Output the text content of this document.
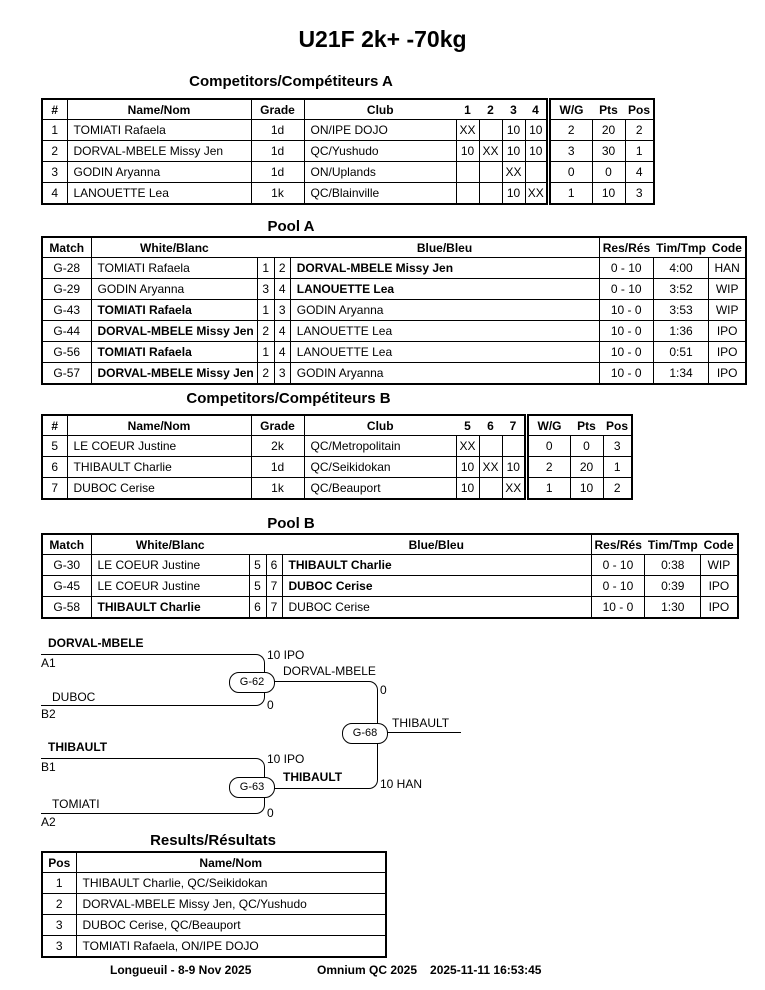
U21F 2k+ -70kg
Competitors/Compétiteurs A
#	Name/Nom	Grade	Club	1	2	3	4
1	TOMIATI Rafaela	1d	ON/IPE DOJO	XX		10	10
2	DORVAL-MBELE Missy Jen	1d	QC/Yushudo	10	XX	10	10
3	GODIN Aryanna	1d	ON/Uplands			XX	
4	LANOUETTE Lea	1k	QC/Blainville			10	XX
W/G	Pts	Pos
2	20	2
3	30	1
0	0	4
1	10	3
Pool A
Match	White/Blanc			Blue/Bleu	Res/Rés	Tim/Tmp	Code
G-28	TOMIATI Rafaela	1	2	DORVAL-MBELE Missy Jen	0 - 10	4:00	HAN
G-29	GODIN Aryanna	3	4	LANOUETTE Lea	0 - 10	3:52	WIP
G-43	TOMIATI Rafaela	1	3	GODIN Aryanna	10 - 0	3:53	WIP
G-44	DORVAL-MBELE Missy Jen	2	4	LANOUETTE Lea	10 - 0	1:36	IPO
G-56	TOMIATI Rafaela	1	4	LANOUETTE Lea	10 - 0	0:51	IPO
G-57	DORVAL-MBELE Missy Jen	2	3	GODIN Aryanna	10 - 0	1:34	IPO
Competitors/Compétiteurs B
#	Name/Nom	Grade	Club	5	6	7
5	LE COEUR Justine	2k	QC/Metropolitain	XX		
6	THIBAULT Charlie	1d	QC/Seikidokan	10	XX	10
7	DUBOC Cerise	1k	QC/Beauport	10		XX
W/G	Pts	Pos
0	0	3
2	20	1
1	10	2
Pool B
Match	White/Blanc			Blue/Bleu	Res/Rés	Tim/Tmp	Code
G-30	LE COEUR Justine	5	6	THIBAULT Charlie	0 - 10	0:38	WIP
G-45	LE COEUR Justine	5	7	DUBOC Cerise	0 - 10	0:39	IPO
G-58	THIBAULT Charlie	6	7	DUBOC Cerise	10 - 0	1:30	IPO
DORVAL-MBELE
A1
10 IPO
DUBOC
B2
0
G-62
DORVAL-MBELE
0
THIBAULT
B1
10 IPO
TOMIATI
A2
0
G-63
THIBAULT	10 HAN
G-68
THIBAULT
Results/Résultats
Pos	Name/Nom
1	THIBAULT Charlie, QC/Seikidokan
2	DORVAL-MBELE Missy Jen, QC/Yushudo
3	DUBOC Cerise, QC/Beauport
3	TOMIATI Rafaela, ON/IPE DOJO
Longueuil - 8-9 Nov 2025	Omnium QC 2025 2025-11-11 16:53:45
